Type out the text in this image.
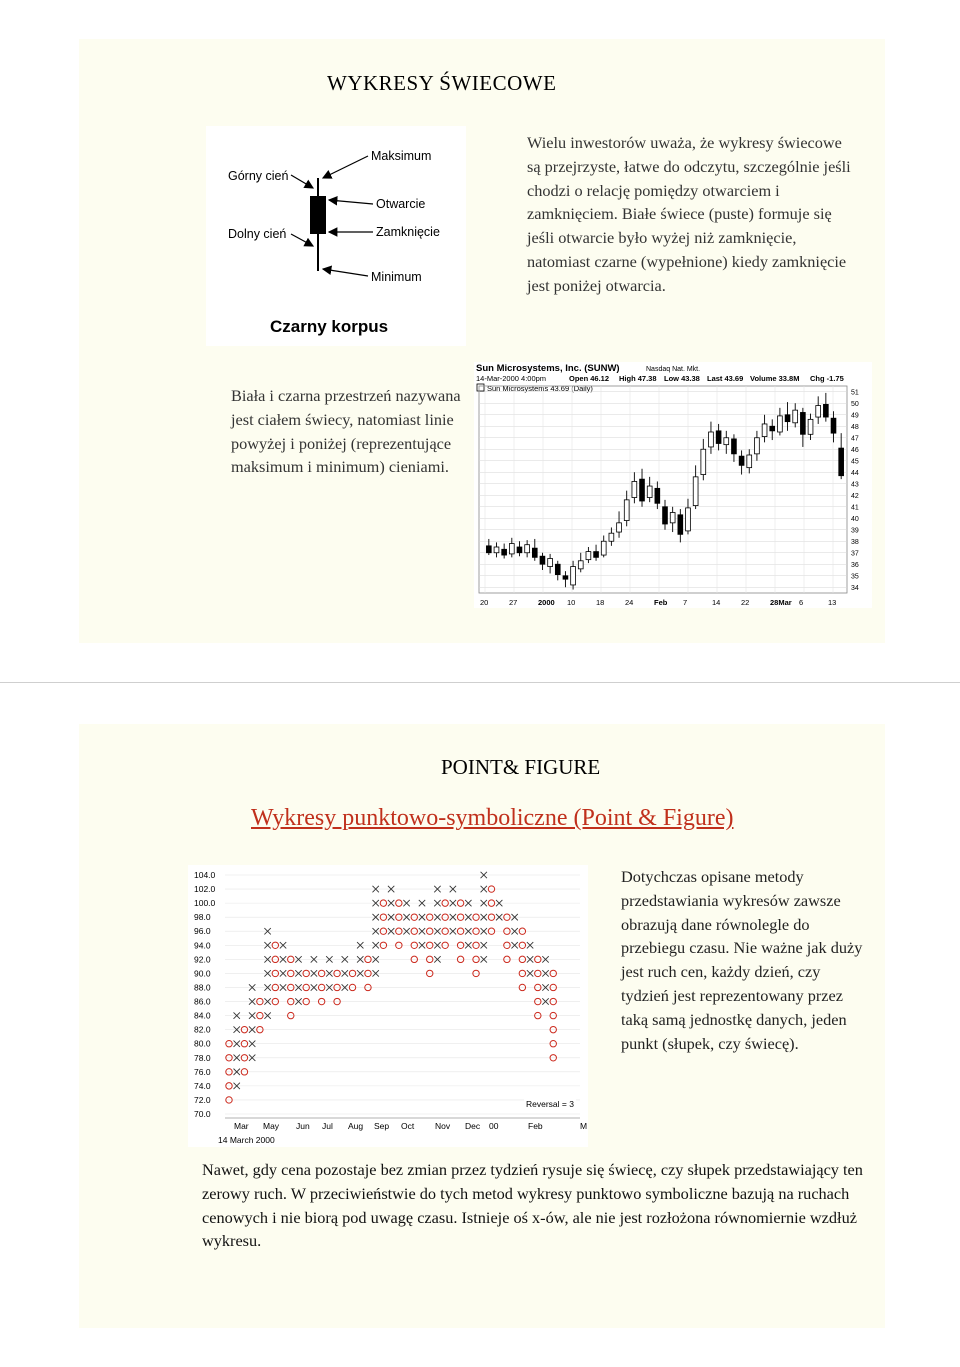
WYKRESY ŚWIECOWE
Górny cień
Dolny cień
Maksimum
Otwarcie
Zamknięcie
Minimum
Czarny korpus
Wielu inwestorów uważa, że wykresy świecowe są przejrzyste, łatwe do odczytu, szczególnie jeśli chodzi o relację pomiędzy otwarciem i zamknięciem. Białe świece (puste) formuje się jeśli otwarcie było wyżej niż zamknięcie, natomiast czarne (wypełnione) kiedy zamknięcie jest poniżej otwarcia.
Biała i czarna przestrzeń nazywana jest ciałem świecy, natomiast linie powyżej i poniżej (reprezentujące maksimum i minimum) cieniami.
Sun Microsystems, Inc. (SUNW)	Nasdaq Nat. Mkt.
14-Mar-2000 4:00pm	Open 46.12 High 47.38 Low 43.38 Last 43.69 Volume 33.8M Chg -1.75
Sun Microsystems 43.69 (Daily)
34
35
36
37
38
39
40
41
42
43
44
45
46
47
48
49
50
51
20	27	2000 10	18	24	Feb 7	14	22	28Mar 6	13
POINT& FIGURE
Wykresy punktowo-symboliczne (Point & Figure)
104.0
102.0
100.0
98.0
96.0
94.0
92.0
90.0
88.0
86.0
84.0
82.0
80.0
78.0
76.0
74.0
72.0
70.0
Mar May Jun Jul Aug Sep Oct Nov Dec 00	Feb	M
Reversal = 3
14 March 2000
Dotychczas opisane metody przedstawiania wykresów zawsze obrazują dane równolegle do przebiegu czasu. Nie ważne jak duży jest ruch cen, każdy dzień, czy tydzień jest reprezentowany przez taką samą jednostkę danych, jeden punkt (słupek, czy świecę).
Nawet, gdy cena pozostaje bez zmian przez tydzień rysuje się świecę, czy słupek przedstawiający ten zerowy ruch. W przeciwieństwie do tych metod wykresy punktowo symboliczne bazują na ruchach cenowych i nie biorą pod uwagę czasu. Istnieje oś x-ów, ale nie jest rozłożona równomiernie wzdłuż wykresu.
